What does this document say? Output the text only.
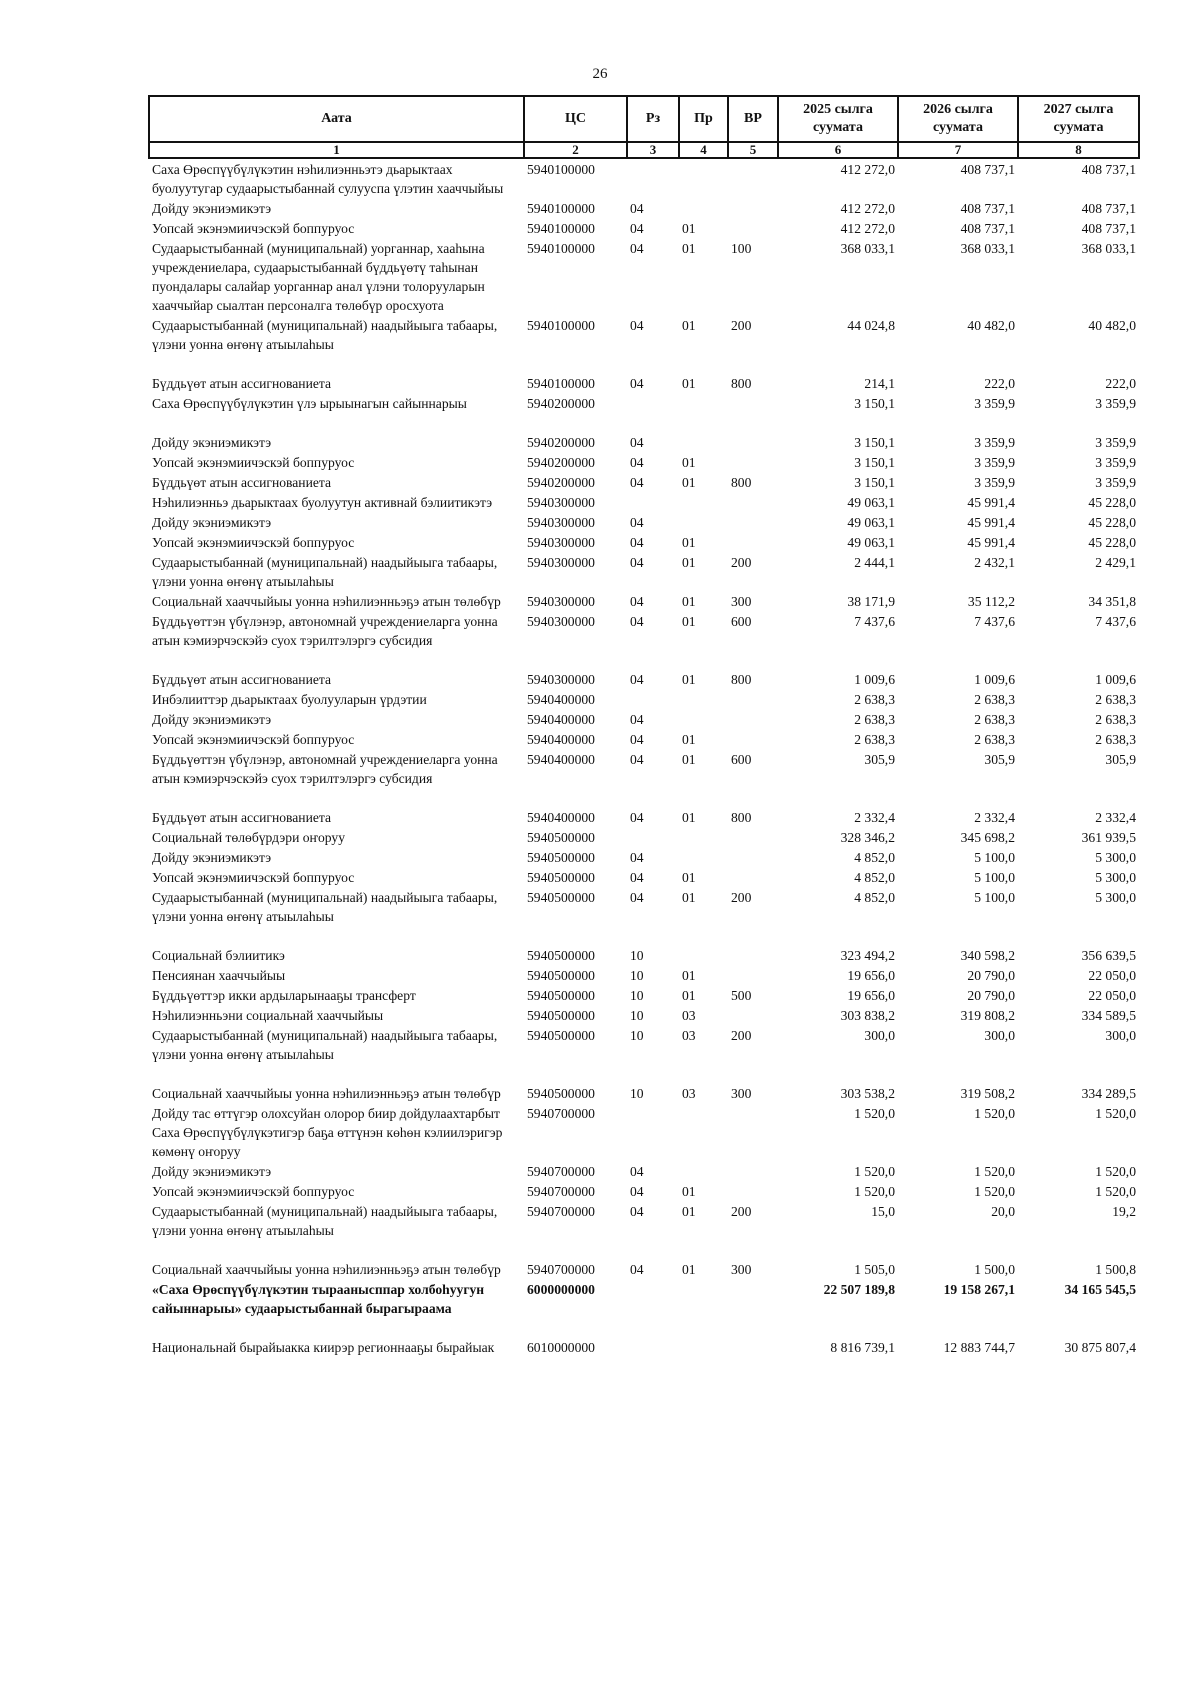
26
Аата	ЦС	Рз	Пр	ВР	2025 сылга суумата	2026 сылга суумата	2027 сылга суумата
1	2	3	4	5	6	7	8
Саха Өрөспүүбүлүкэтин нэһилиэнньэтэ дьарыктаах буолуутугар судаарыстыбаннай сулууспа үлэтин хааччыйыы	5940100000				412 272,0	408 737,1	408 737,1
Дойду экэниэмикэтэ	5940100000	04			412 272,0	408 737,1	408 737,1
Уопсай экэнэмиичэскэй боппуруос	5940100000	04	01		412 272,0	408 737,1	408 737,1
Судаарыстыбаннай (муниципальнай) уорганнар, хааһына учреждениелара, судаарыстыбаннай бүддьүөтү таһынан пуондалары салайар уорганнар анал үлэни толорууларын хааччыйар сыалтан персоналга төлөбүр оросхуота	5940100000	04	01	100	368 033,1	368 033,1	368 033,1
Судаарыстыбаннай (муниципальнай) наадыйыыга табаары, үлэни уонна өҥөнү атыылаһыы	5940100000	04	01	200	44 024,8	40 482,0	40 482,0
Бүддьүөт атын ассигнованиета	5940100000	04	01	800	214,1	222,0	222,0
Саха Өрөспүүбүлүкэтин үлэ ырыынагын сайыннарыы	5940200000				3 150,1	3 359,9	3 359,9
Дойду экэниэмикэтэ	5940200000	04			3 150,1	3 359,9	3 359,9
Уопсай экэнэмиичэскэй боппуруос	5940200000	04	01		3 150,1	3 359,9	3 359,9
Бүддьүөт атын ассигнованиета	5940200000	04	01	800	3 150,1	3 359,9	3 359,9
Нэһилиэнньэ дьарыктаах буолуутун активнай бэлиитикэтэ	5940300000				49 063,1	45 991,4	45 228,0
Дойду экэниэмикэтэ	5940300000	04			49 063,1	45 991,4	45 228,0
Уопсай экэнэмиичэскэй боппуруос	5940300000	04	01		49 063,1	45 991,4	45 228,0
Судаарыстыбаннай (муниципальнай) наадыйыыга табаары, үлэни уонна өҥөнү атыылаһыы	5940300000	04	01	200	2 444,1	2 432,1	2 429,1
Социальнай хааччыйыы уонна нэһилиэнньэҕэ атын төлөбүр	5940300000	04	01	300	38 171,9	35 112,2	34 351,8
Бүддьүөттэн үбүлэнэр, автономнай учреждениеларга уонна атын кэмиэрчэскэйэ суох тэрилтэлэргэ субсидия	5940300000	04	01	600	7 437,6	7 437,6	7 437,6
Бүддьүөт атын ассигнованиета	5940300000	04	01	800	1 009,6	1 009,6	1 009,6
Инбэлииттэр дьарыктаах буолууларын үрдэтии	5940400000				2 638,3	2 638,3	2 638,3
Дойду экэниэмикэтэ	5940400000	04			2 638,3	2 638,3	2 638,3
Уопсай экэнэмиичэскэй боппуруос	5940400000	04	01		2 638,3	2 638,3	2 638,3
Бүддьүөттэн үбүлэнэр, автономнай учреждениеларга уонна атын кэмиэрчэскэйэ суох тэрилтэлэргэ субсидия	5940400000	04	01	600	305,9	305,9	305,9
Бүддьүөт атын ассигнованиета	5940400000	04	01	800	2 332,4	2 332,4	2 332,4
Социальнай төлөбүрдэри оҥоруу	5940500000				328 346,2	345 698,2	361 939,5
Дойду экэниэмикэтэ	5940500000	04			4 852,0	5 100,0	5 300,0
Уопсай экэнэмиичэскэй боппуруос	5940500000	04	01		4 852,0	5 100,0	5 300,0
Судаарыстыбаннай (муниципальнай) наадыйыыга табаары, үлэни уонна өҥөнү атыылаһыы	5940500000	04	01	200	4 852,0	5 100,0	5 300,0
Социальнай бэлиитикэ	5940500000	10			323 494,2	340 598,2	356 639,5
Пенсиянан хааччыйыы	5940500000	10	01		19 656,0	20 790,0	22 050,0
Бүддьүөттэр икки ардыларынааҕы трансферт	5940500000	10	01	500	19 656,0	20 790,0	22 050,0
Нэһилиэнньэни социальнай хааччыйыы	5940500000	10	03		303 838,2	319 808,2	334 589,5
Судаарыстыбаннай (муниципальнай) наадыйыыга табаары, үлэни уонна өҥөнү атыылаһыы	5940500000	10	03	200	300,0	300,0	300,0
Социальнай хааччыйыы уонна нэһилиэнньэҕэ атын төлөбүр	5940500000	10	03	300	303 538,2	319 508,2	334 289,5
Дойду тас өттүгэр олохсуйан олорор биир дойдулаахтарбыт Саха Өрөспүүбүлүкэтигэр баҕа өттүнэн көһөн кэлиилэригэр көмөнү оҥоруу	5940700000				1 520,0	1 520,0	1 520,0
Дойду экэниэмикэтэ	5940700000	04			1 520,0	1 520,0	1 520,0
Уопсай экэнэмиичэскэй боппуруос	5940700000	04	01		1 520,0	1 520,0	1 520,0
Судаарыстыбаннай (муниципальнай) наадыйыыга табаары, үлэни уонна өҥөнү атыылаһыы	5940700000	04	01	200	15,0	20,0	19,2
Социальнай хааччыйыы уонна нэһилиэнньэҕэ атын төлөбүр	5940700000	04	01	300	1 505,0	1 500,0	1 500,8
«Саха Өрөспүүбүлүкэтин тыраанысппар холбоһуугун сайыннарыы» судаарыстыбаннай бырагыраама	6000000000				22 507 189,8	19 158 267,1	34 165 545,5
Национальнай бырайыакка киирэр регионнааҕы бырайыак	6010000000				8 816 739,1	12 883 744,7	30 875 807,4
